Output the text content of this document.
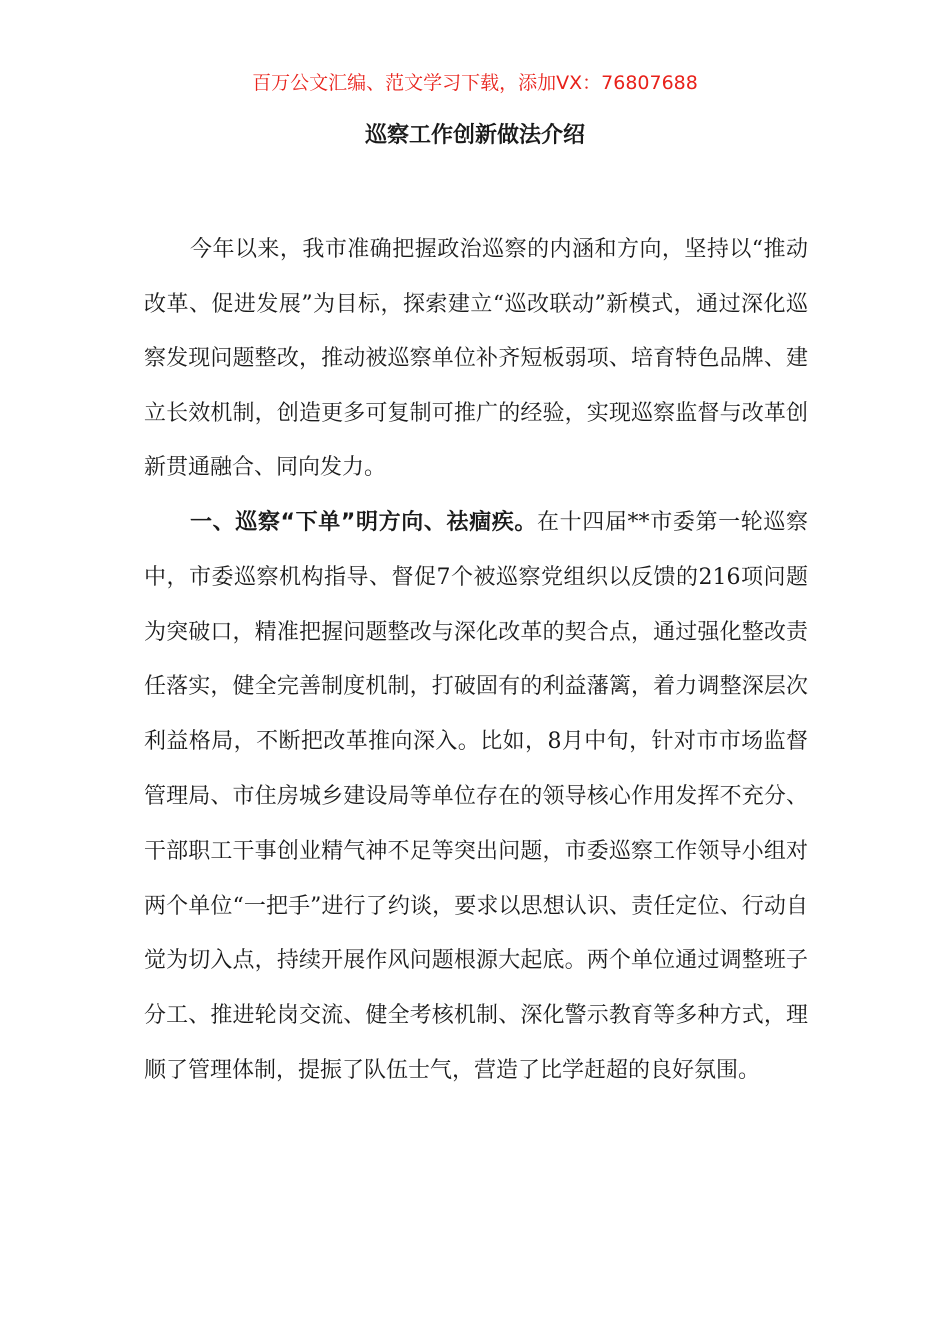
百万公文汇编、范文学习下载，添加VX：76807688
巡察工作创新做法介绍
今年以来，我市准确把握政治巡察的内涵和方向，坚持以“推动改革、促进发展”为目标，探索建立“巡改联动”新模式，通过深化巡察发现问题整改，推动被巡察单位补齐短板弱项、培育特色品牌、建立长效机制，创造更多可复制可推广的经验，实现巡察监督与改革创新贯通融合、同向发力。
一、巡察“下单”明方向、祛痼疾。在十四届**市委第一轮巡察中，市委巡察机构指导、督促7个被巡察党组织以反馈的216项问题为突破口，精准把握问题整改与深化改革的契合点，通过强化整改责任落实，健全完善制度机制，打破固有的利益藩篱，着力调整深层次利益格局，不断把改革推向深入。比如，8月中旬，针对市市场监督管理局、市住房城乡建设局等单位存在的领导核心作用发挥不充分、干部职工干事创业精气神不足等突出问题，市委巡察工作领导小组对两个单位“一把手”进行了约谈，要求以思想认识、责任定位、行动自觉为切入点，持续开展作风问题根源大起底。两个单位通过调整班子分工、推进轮岗交流、健全考核机制、深化警示教育等多种方式，理顺了管理体制，提振了队伍士气，营造了比学赶超的良好氛围。
